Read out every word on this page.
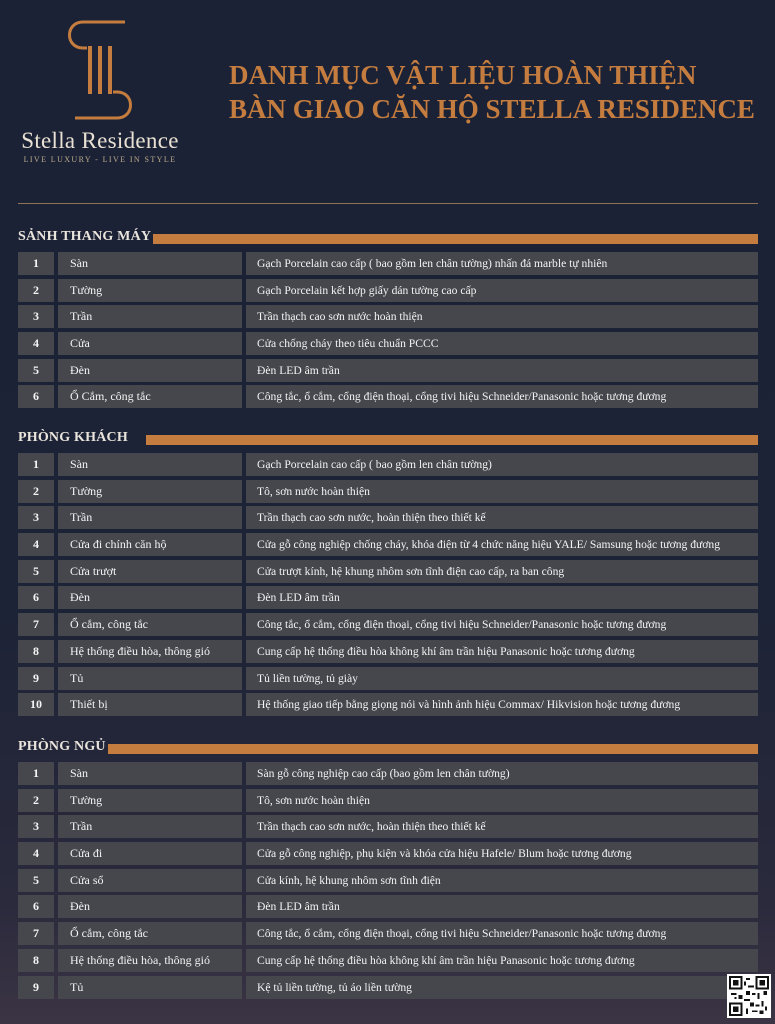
Stella Residence
LIVE LUXURY - LIVE IN STYLE
DANH MỤC VẬT LIỆU HOÀN THIỆN
BÀN GIAO CĂN HỘ STELLA RESIDENCE
SẢNH THANG MÁY
1	Sàn	Gạch Porcelain cao cấp ( bao gồm len chân tường) nhấn đá marble tự nhiên
2	Tường	Gạch Porcelain kết hợp giấy dán tường cao cấp
3	Trần	Trần thạch cao sơn nước hoàn thiện
4	Cửa	Cửa chống cháy theo tiêu chuẩn PCCC
5	Đèn	Đèn LED âm trần
6	Ổ Cắm, công tắc	Công tắc, ổ cắm, cổng điện thoại, cổng tivi hiệu Schneider/Panasonic hoặc tương đương
PHÒNG KHÁCH
1	Sàn	Gạch Porcelain cao cấp ( bao gồm len chân tường)
2	Tường	Tô, sơn nước hoàn thiện
3	Trần	Trần thạch cao sơn nước, hoàn thiện theo thiết kế
4	Cửa đi chính căn hộ	Cửa gỗ công nghiệp chống cháy, khóa điện từ 4 chức năng hiệu YALE/ Samsung hoặc tương đương
5	Cửa trượt	Cửa trượt kính, hệ khung nhôm sơn tĩnh điện cao cấp, ra ban công
6	Đèn	Đèn LED âm trần
7	Ổ cắm, công tắc	Công tắc, ổ cắm, cổng điện thoại, cổng tivi hiệu Schneider/Panasonic hoặc tương đương
8	Hệ thống điều hòa, thông gió	Cung cấp hệ thống điều hòa không khí âm trần hiệu Panasonic hoặc tương đương
9	Tủ	Tủ liền tường, tủ giày
10	Thiết bị	Hệ thống giao tiếp bằng giọng nói và hình ảnh hiệu Commax/ Hikvision hoặc tương đương
PHÒNG NGỦ
1	Sàn	Sàn gỗ công nghiệp cao cấp (bao gồm len chân tường)
2	Tường	Tô, sơn nước hoàn thiện
3	Trần	Trần thạch cao sơn nước, hoàn thiện theo thiết kế
4	Cửa đi	Cửa gỗ công nghiệp, phụ kiện và khóa cửa hiệu Hafele/ Blum hoặc tương đương
5	Cửa sổ	Cửa kính, hệ khung nhôm sơn tĩnh điện
6	Đèn	Đèn LED âm trần
7	Ổ cắm, công tắc	Công tắc, ổ cắm, cổng điện thoại, cổng tivi hiệu Schneider/Panasonic hoặc tương đương
8	Hệ thống điều hòa, thông gió	Cung cấp hệ thống điều hòa không khí âm trần hiệu Panasonic hoặc tương đương
9	Tủ	Kệ tủ liền tường, tủ áo liền tường
